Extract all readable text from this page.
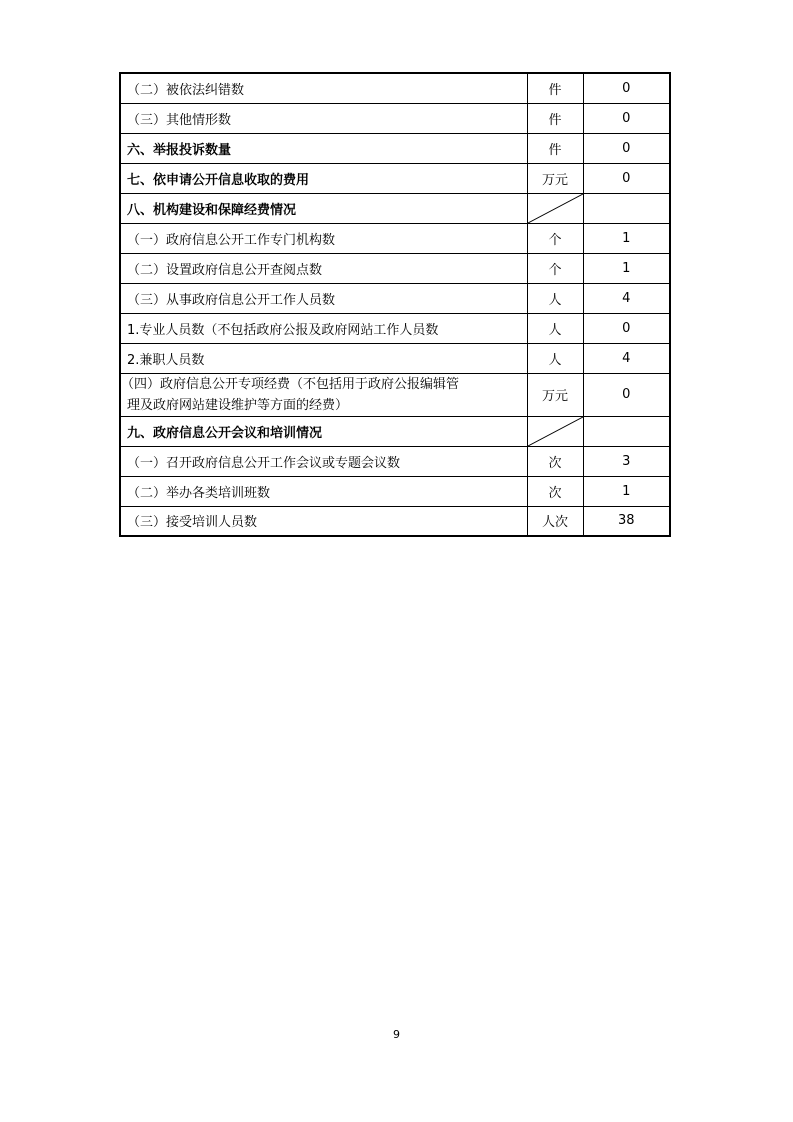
（二）被依法纠错数	件	0
（三）其他情形数	件	0
六、举报投诉数量	件	0
七、依申请公开信息收取的费用	万元	0
八、机构建设和保障经费情况	

（一）政府信息公开工作专门机构数	个	1
（二）设置政府信息公开查阅点数	个	1
（三）从事政府信息公开工作人员数	人	4
1.专业人员数（不包括政府公报及政府网站工作人员数	人	0
2.兼职人员数	人	4

（四）政府信息公开专项经费（不包括用于政府公报编辑管
理及政府网站建设维护等方面的经费）	万元	0
九、政府信息公开会议和培训情况	

（一）召开政府信息公开工作会议或专题会议数	次	3
（二）举办各类培训班数	次	1
（三）接受培训人员数	人次	38
9
